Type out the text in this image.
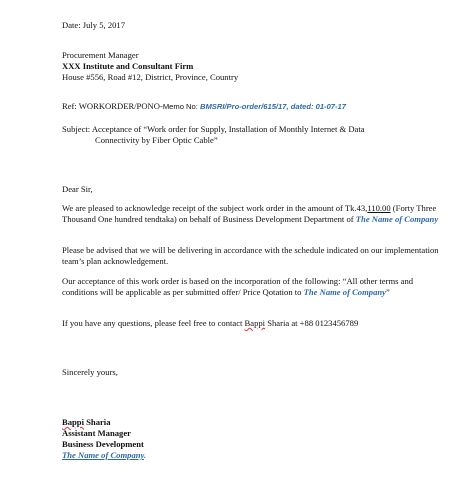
Date: July 5, 2017
Procurement Manager
XXX Institute and Consultant Firm
House #556, Road #12, District, Province, Country
Ref: WORKORDER/PONO-Memo No: BMSRI/Pro-order/615/17, dated: 01-07-17
Subject: Acceptance of “Work order for Supply, Installation of Monthly Internet & Data
Connectivity by Fiber Optic Cable”
Dear Sir,
We are pleased to acknowledge receipt of the subject work order in the amount of Tk.43,110.00 (Forty Three Thousand One hundred tendtaka) on behalf of Business Development Department of The Name of Company
Please be advised that we will be delivering in accordance with the schedule indicated on our implementation team’s plan acknowledgement.
Our acceptance of this work order is based on the incorporation of the following: “All other terms and conditions will be applicable as per submitted offer/ Price Qotation to The Name of Company”
If you have any questions, please feel free to contact Bappi Sharia at +88 0123456789
Sincerely yours,
Bappi Sharia
Assistant Manager
Business Development
The Name of Company.
